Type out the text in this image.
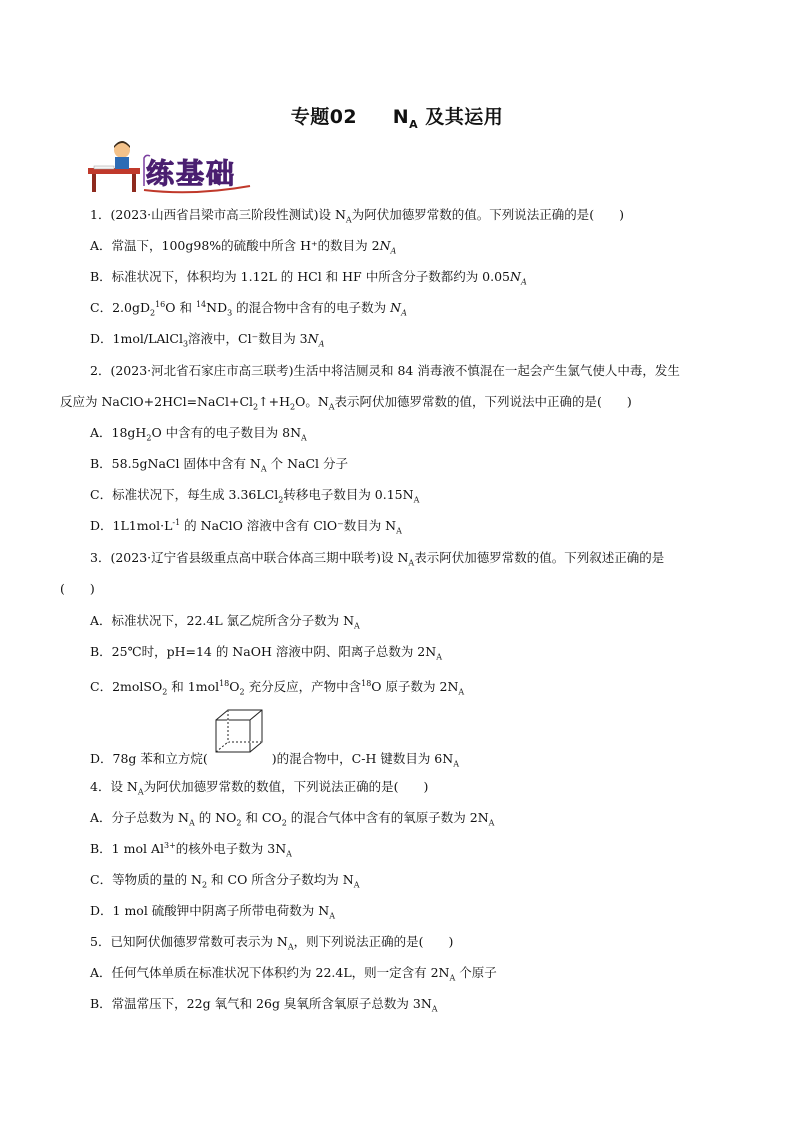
专题02 $N_A$ 及其运用
练基础
1．(2023·山西省吕梁市高三阶段性测试)设 $N_A$为阿伏加德罗常数的值。下列说法正确的是(　　)
A．常温下，100g98%的硫酸中所含 H⁺的数目为 $2N_A$
B．标准状况下，体积均为 1.12L 的 HCl 和 HF 中所含分子数都约为 $0.05N_A$
C．$2.0gD_2^{16}O$ 和 $^{14}ND_3$ 的混合物中含有的电子数为 $N_A$
D．1mol/LAlCl$_3$溶液中，Cl⁻数目为 $3N_A$
2．(2023·河北省石家庄市高三联考)生活中将洁厕灵和 84 消毒液不慎混在一起会产生氯气使人中毒，发生
反应为 $NaClO+2HCl=NaCl+Cl_2↑+H_2O$。$N_A$表示阿伏加德罗常数的值，下列说法中正确的是(　　)
A．$18gH_2O$ 中含有的电子数目为 $8N_A$
B．58.5gNaCl 固体中含有 $N_A$ 个 NaCl 分子
C．标准状况下，每生成 3.36LCl$_2$转移电子数目为 $0.15N_A$
D．$1L1mol\cdot L^{-1}$ 的 NaClO 溶液中含有 ClO⁻数目为 $N_A$
3．(2023·辽宁省县级重点高中联合体高三期中联考)设 $N_A$表示阿伏加德罗常数的值。下列叙述正确的是
(　　)
A．标准状况下，22.4L 氯乙烷所含分子数为 $N_A$
B．25℃时，pH=14 的 NaOH 溶液中阴、阳离子总数为 $2N_A$
C．2molSO$_2$ 和 $1mol^{18}O_2$ 充分反应，产物中含$^{18}$O 原子数为 $2N_A$
D．78g 苯和立方烷(	)的混合物中，C-H 键数目为 $6N_A$
4．设 $N_A$为阿伏加德罗常数的数值，下列说法正确的是(　　)
A．分子总数为 $N_A$ 的 $NO_2$ 和 $CO_2$ 的混合气体中含有的氧原子数为 $2N_A$
B．1 mol $Al^{3+}$的核外电子数为 $3N_A$
C．等物质的量的 $N_2$ 和 CO 所含分子数均为 $N_A$
D．1 mol 硫酸钾中阴离子所带电荷数为 $N_A$
5．已知阿伏伽德罗常数可表示为 $N_A$，则下列说法正确的是(　　)
A．任何气体单质在标准状况下体积约为 22.4L，则一定含有 $2N_A$ 个原子
B．常温常压下，22g 氧气和 26g 臭氧所含氧原子总数为 $3N_A$
